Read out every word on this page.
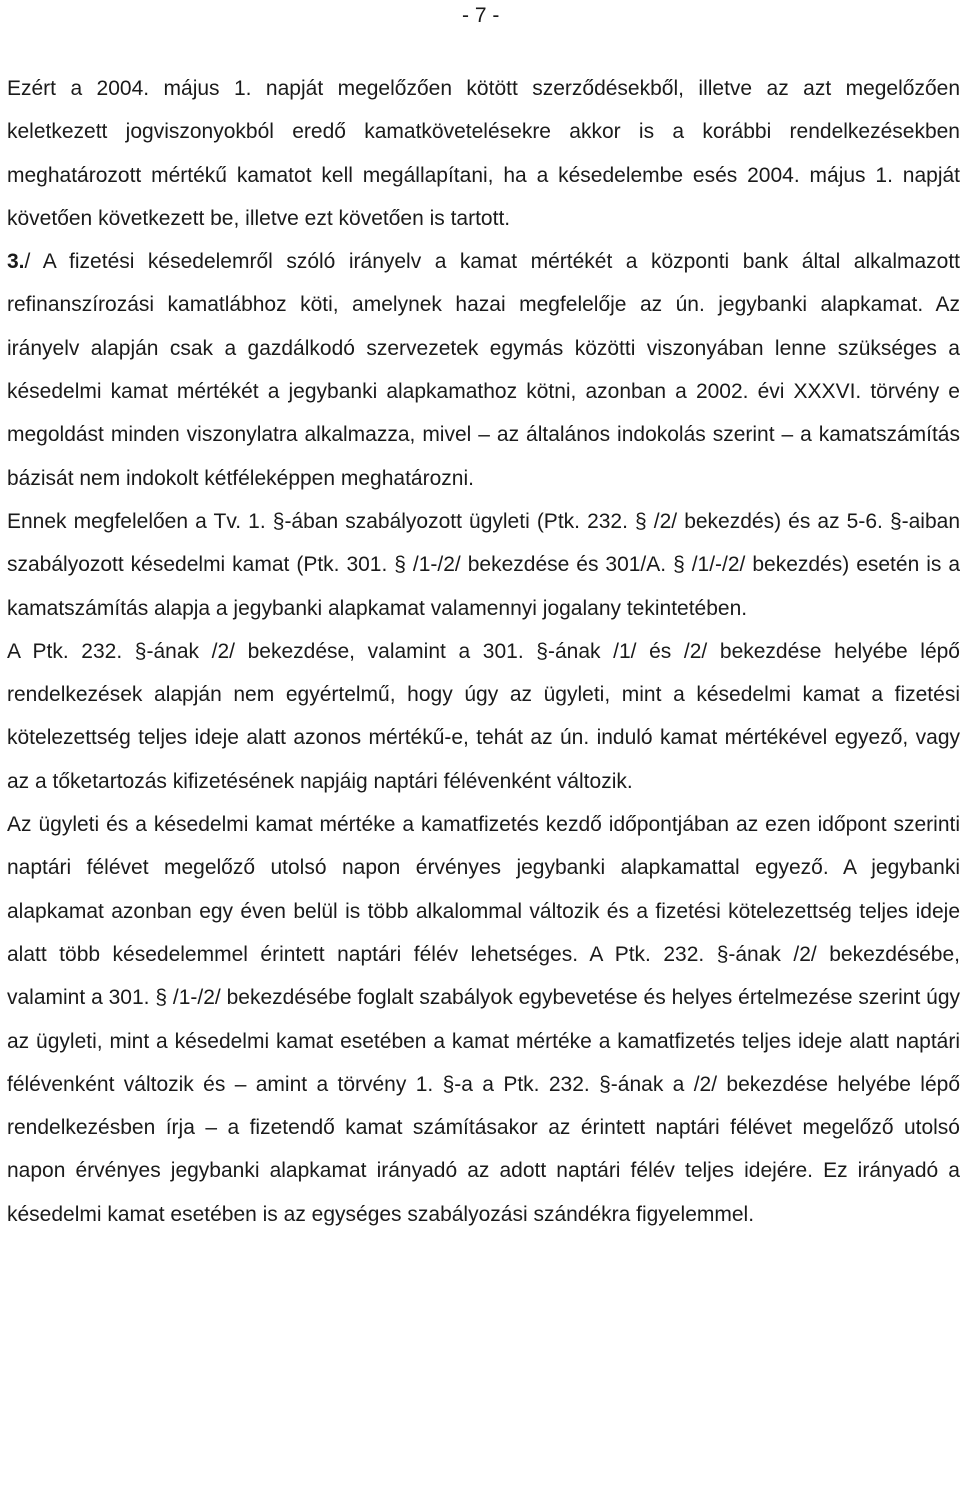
- 7 -

Ezért a 2004. május 1. napját megelőzően kötött szerződésekből, illetve az azt megelőzően keletkezett jogviszonyokból eredő kamatkövetelésekre akkor is a korábbi rendelkezésekben meghatározott mértékű kamatot kell megállapítani, ha a késedelembe esés 2004. május 1. napját követően következett be, illetve ezt követően is tartott.

3./ A fizetési késedelemről szóló irányelv a kamat mértékét a központi bank által alkalmazott refinanszírozási kamatlábhoz köti, amelynek hazai megfelelője az ún. jegybanki alapkamat. Az irányelv alapján csak a gazdálkodó szervezetek egymás közötti viszonyában lenne szükséges a késedelmi kamat mértékét a jegybanki alapkamathoz kötni, azonban a 2002. évi XXXVI. törvény e megoldást minden viszonylatra alkalmazza, mivel – az általános indokolás szerint – a kamatszámítás bázisát nem indokolt kétféleképpen meghatározni.

Ennek megfelelően a Tv. 1. §-ában szabályozott ügyleti (Ptk. 232. § /2/ bekezdés) és az 5-6. §-aiban szabályozott késedelmi kamat (Ptk. 301. § /1-/2/ bekezdése és 301/A. § /1/-/2/ bekezdés) esetén is a kamatszámítás alapja a jegybanki alapkamat valamennyi jogalany tekintetében.

A Ptk. 232. §-ának /2/ bekezdése, valamint a 301. §-ának /1/ és /2/ bekezdése helyébe lépő rendelkezések alapján nem egyértelmű, hogy úgy az ügyleti, mint a késedelmi kamat a fizetési kötelezettség teljes ideje alatt azonos mértékű-e, tehát az ún. induló kamat mértékével egyező, vagy az a tőketartozás kifizetésének napjáig naptári félévenként változik.

Az ügyleti és a késedelmi kamat mértéke a kamatfizetés kezdő időpontjában az ezen időpont szerinti naptári félévet megelőző utolsó napon érvényes jegybanki alapkamattal egyező. A jegybanki alapkamat azonban egy éven belül is több alkalommal változik és a fizetési kötelezettség teljes ideje alatt több késedelemmel érintett naptári félév lehetséges. A Ptk. 232. §-ának /2/ bekezdésébe, valamint a 301. § /1-/2/ bekezdésébe foglalt szabályok egybevetése és helyes értelmezése szerint úgy az ügyleti, mint a késedelmi kamat esetében a kamat mértéke a kamatfizetés teljes ideje alatt naptári félévenként változik és – amint a törvény 1. §-a a Ptk. 232. §-ának a /2/ bekezdése helyébe lépő rendelkezésben írja – a fizetendő kamat számításakor az érintett naptári félévet megelőző utolsó napon érvényes jegybanki alapkamat irányadó az adott naptári félév teljes idejére. Ez irányadó a késedelmi kamat esetében is az egységes szabályozási szándékra figyelemmel.
